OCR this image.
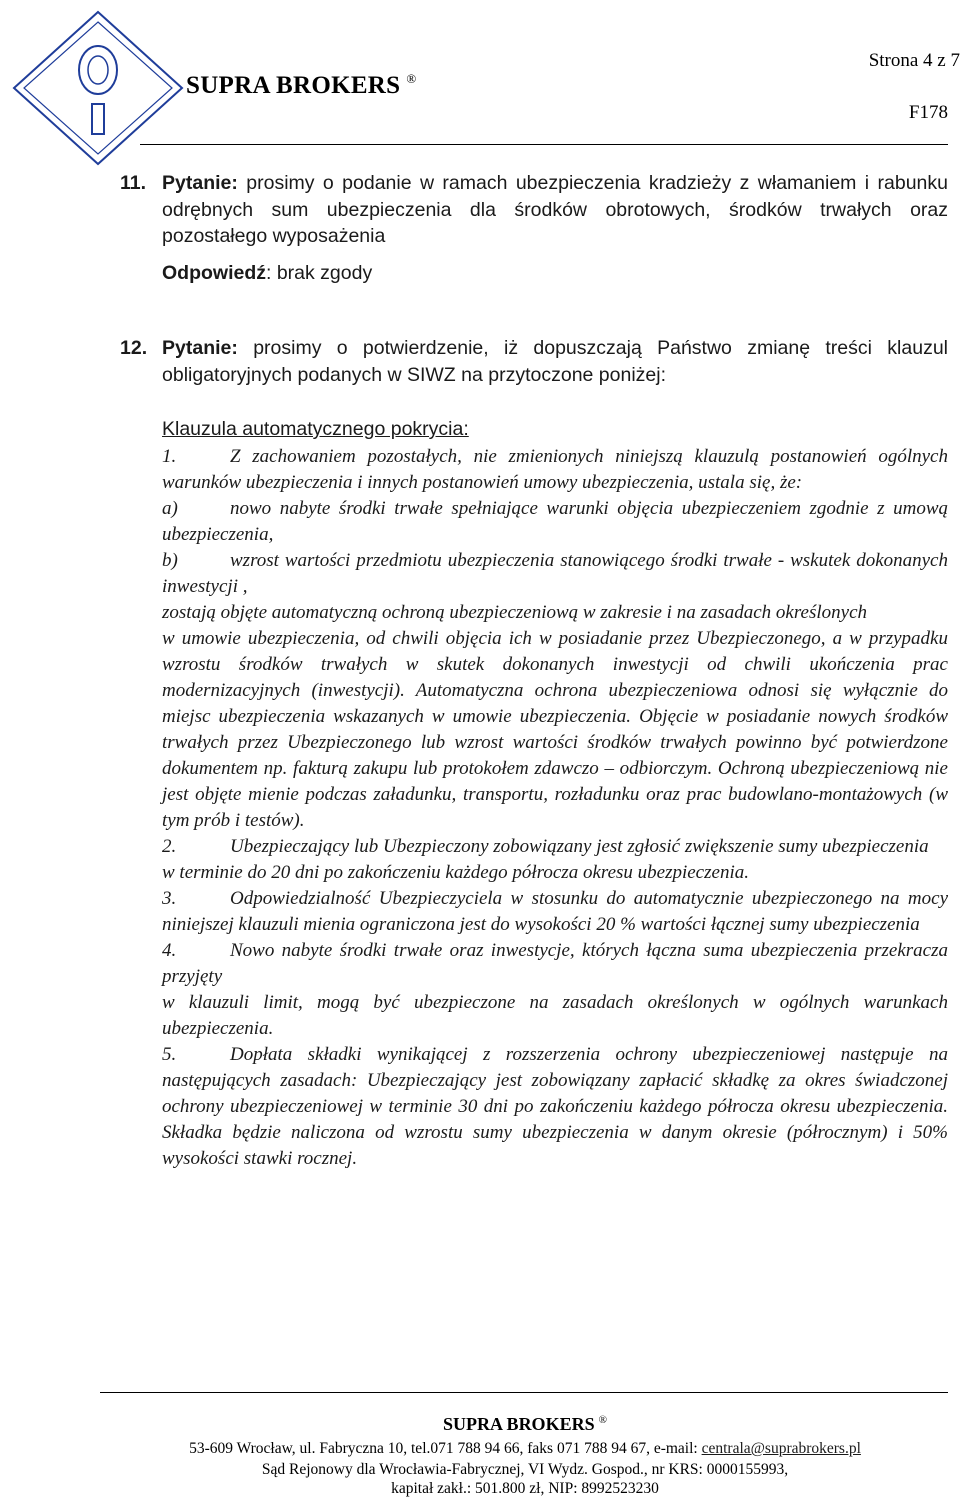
Strona 4 z 7
SUPRA BROKERS ®
F178
11. Pytanie: prosimy o podanie w ramach ubezpieczenia kradzieży z włamaniem i rabunku odrębnych sum ubezpieczenia dla środków obrotowych, środków trwałych oraz pozostałego wyposażenia
Odpowiedź: brak zgody
12. Pytanie: prosimy o potwierdzenie, iż dopuszczają Państwo zmianę treści klauzul obligatoryjnych podanych w SIWZ na przytoczone poniżej:
Klauzula automatycznego pokrycia:
1.	Z zachowaniem pozostałych, nie zmienionych niniejszą klauzulą postanowień ogólnych warunków ubezpieczenia i innych postanowień umowy ubezpieczenia, ustala się, że:
a)	nowo nabyte środki trwałe spełniające warunki objęcia ubezpieczeniem zgodnie z umową ubezpieczenia,
b)	wzrost wartości przedmiotu ubezpieczenia stanowiącego środki trwałe - wskutek dokonanych inwestycji ,
zostają objęte automatyczną ochroną ubezpieczeniową w zakresie i na zasadach określonych
w umowie ubezpieczenia, od chwili objęcia ich w posiadanie przez Ubezpieczonego, a w przypadku wzrostu środków trwałych w skutek dokonanych inwestycji od chwili ukończenia prac modernizacyjnych (inwestycji). Automatyczna ochrona ubezpieczeniowa odnosi się wyłącznie do miejsc ubezpieczenia wskazanych w umowie ubezpieczenia. Objęcie w posiadanie nowych środków trwałych przez Ubezpieczonego lub wzrost wartości środków trwałych powinno być potwierdzone dokumentem np. fakturą zakupu lub protokołem zdawczo – odbiorczym. Ochroną ubezpieczeniową nie jest objęte mienie podczas załadunku, transportu, rozładunku oraz prac budowlano-montażowych (w tym prób i testów).
2.	Ubezpieczający lub Ubezpieczony zobowiązany jest zgłosić zwiększenie sumy ubezpieczenia
w terminie do 20 dni po zakończeniu każdego półrocza okresu ubezpieczenia.
3.	Odpowiedzialność Ubezpieczyciela w stosunku do automatycznie ubezpieczonego na mocy niniejszej klauzuli mienia ograniczona jest do wysokości 20 % wartości łącznej sumy ubezpieczenia
4.	Nowo nabyte środki trwałe oraz inwestycje, których łączna suma ubezpieczenia przekracza przyjęty
w klauzuli limit, mogą być ubezpieczone na zasadach określonych w ogólnych warunkach ubezpieczenia.
5.	Dopłata składki wynikającej z rozszerzenia ochrony ubezpieczeniowej następuje na następujących zasadach: Ubezpieczający jest zobowiązany zapłacić składkę za okres świadczonej ochrony ubezpieczeniowej w terminie 30 dni po zakończeniu każdego półrocza okresu ubezpieczenia. Składka będzie naliczona od wzrostu sumy ubezpieczenia w danym okresie (półrocznym) i 50% wysokości stawki rocznej.
SUPRA BROKERS ®
53-609 Wrocław, ul. Fabryczna 10, tel.071 788 94 66, faks 071 788 94 67, e-mail: centrala@suprabrokers.pl
Sąd Rejonowy dla Wrocławia-Fabrycznej, VI Wydz. Gospod., nr KRS: 0000155993,
kapitał zakł.: 501.800 zł, NIP: 8992523230
